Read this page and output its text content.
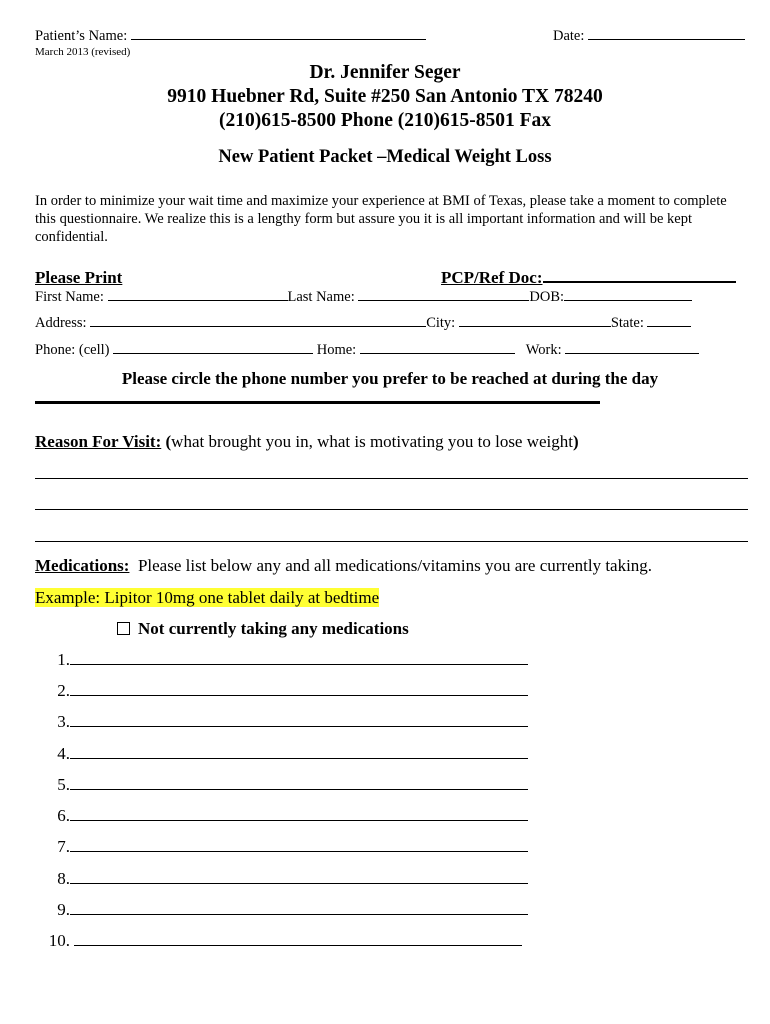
Patient’s Name:	Date:
March 2013 (revised)
Dr. Jennifer Seger
9910 Huebner Rd, Suite #250 San Antonio TX 78240
(210)615-8500 Phone (210)615-8501 Fax
New Patient Packet –Medical Weight Loss
In order to minimize your wait time and maximize your experience at BMI of Texas, please take a moment to complete this questionnaire. We realize this is a lengthy form but assure you it is all important information and will be kept confidential.
Please Print	PCP/Ref Doc:
First Name:	Last Name:	DOB:
Address:	City:	State:
Phone: (cell)	Home:	Work:
Please circle the phone number you prefer to be reached at during the day
Reason For Visit: (what brought you in, what is motivating you to lose weight)
Medications: Please list below any and all medications/vitamins you are currently taking.
Example: Lipitor 10mg one tablet daily at bedtime
Not currently taking any medications
1.
2.
3.
4.
5.
6.
7.
8.
9.
10.
